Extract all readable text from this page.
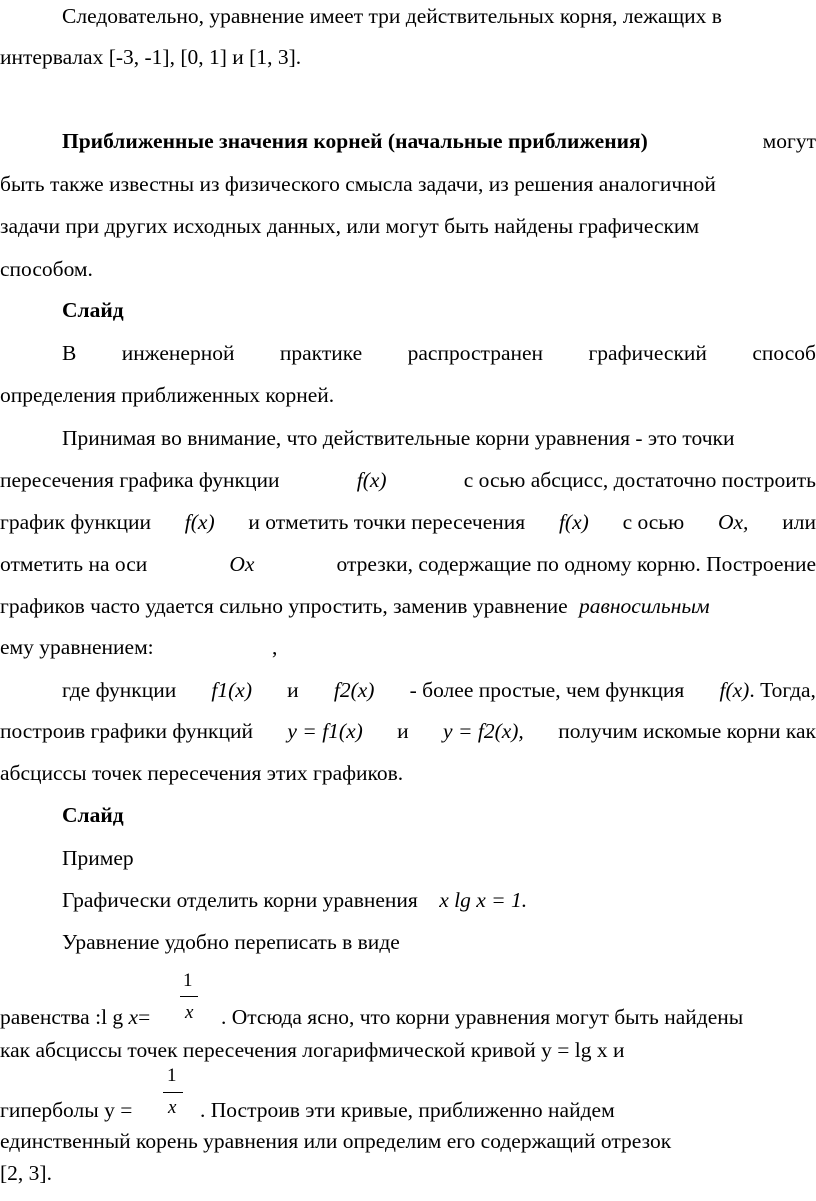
Следовательно, уравнение имеет три действительных корня, лежащих в
интервалах [-3, -1], [0, 1] и [1, 3].
Приближенные значения корней (начальные приближения)	могут
быть также известны из физического смысла задачи, из решения аналогичной
задачи при других исходных данных, или могут быть найдены графическим
способом.
Слайд
В инженерной практике распространен графический способ
определения приближенных корней.
Принимая во внимание, что действительные корни уравнения - это точки
пересечения графика функции	f(x)	с осью абсцисс, достаточно построить
график функции f(x) и отметить точки пересечения f(x) с осью Ox, или
отметить на оси	Ox	отрезки, содержащие по одному корню. Построение
графиков часто удается сильно упростить, заменив уравнение равносильным
ему уравнением:	,
где функции f1(x) и f2(x) - более простые, чем функция f(x). Тогда,
построив графики функций y = f1(x) и y = f2(x), получим искомые корни как
абсциссы точек пересечения этих графиков.
Слайд
Пример
Графически отделить корни уравнения x lg x = 1.
Уравнение удобно переписать в виде
1
x
равенства :l g x=	. Отсюда ясно, что корни уравнения могут быть найдены
как абсциссы точек пересечения логарифмической кривой y = lg x и
1
x
гиперболы y =	. Построив эти кривые, приближенно найдем
единственный корень уравнения или определим его содержащий отрезок
[2, 3].
